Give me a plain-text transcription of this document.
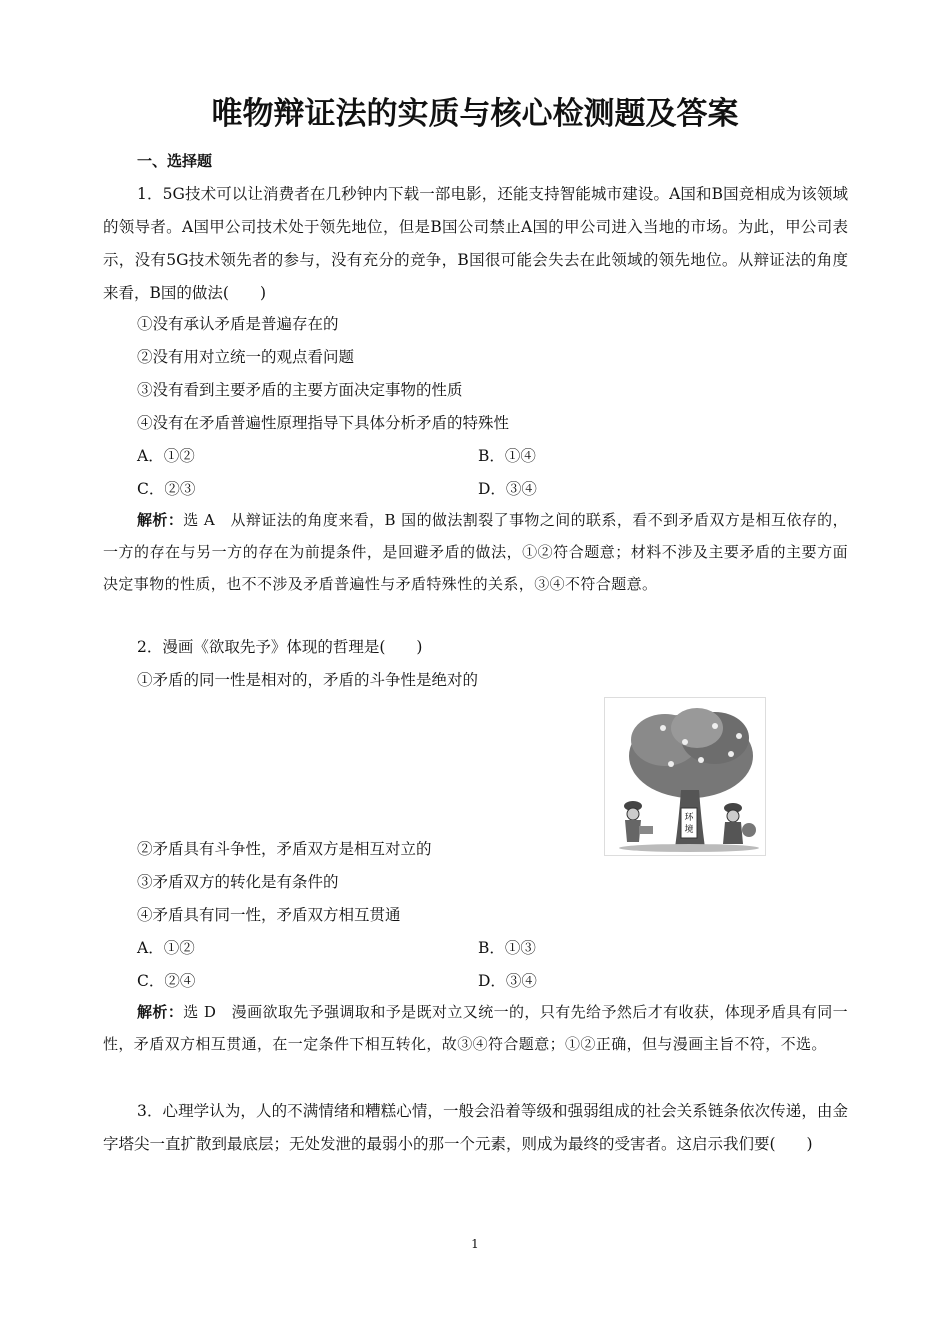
唯物辩证法的实质与核心检测题及答案
一、选择题
1．5G技术可以让消费者在几秒钟内下载一部电影，还能支持智能城市建设。A国和B国竞相成为该领域的领导者。A国甲公司技术处于领先地位，但是B国公司禁止A国的甲公司进入当地的市场。为此，甲公司表示，没有5G技术领先者的参与，没有充分的竞争，B国很可能会失去在此领域的领先地位。从辩证法的角度来看，B国的做法(　　)
①没有承认矛盾是普遍存在的
②没有用对立统一的观点看问题
③没有看到主要矛盾的主要方面决定事物的性质
④没有在矛盾普遍性原理指导下具体分析矛盾的特殊性
A．①②	B．①④
C．②③	D．③④
解析：选 A　从辩证法的角度来看，B 国的做法割裂了事物之间的联系，看不到矛盾双方是相互依存的，一方的存在与另一方的存在为前提条件，是回避矛盾的做法，①②符合题意；材料不涉及主要矛盾的主要方面决定事物的性质，也不不涉及矛盾普遍性与矛盾特殊性的关系，③④不符合题意。
2．漫画《欲取先予》体现的哲理是(　　)
①矛盾的同一性是相对的，矛盾的斗争性是绝对的
环
境
②矛盾具有斗争性，矛盾双方是相互对立的
③矛盾双方的转化是有条件的
④矛盾具有同一性，矛盾双方相互贯通
A．①②	B．①③
C．②④	D．③④
解析：选 D　漫画欲取先予强调取和予是既对立又统一的，只有先给予然后才有收获，体现矛盾具有同一性，矛盾双方相互贯通，在一定条件下相互转化，故③④符合题意；①②正确，但与漫画主旨不符，不选。
3．心理学认为，人的不满情绪和糟糕心情，一般会沿着等级和强弱组成的社会关系链条依次传递，由金字塔尖一直扩散到最底层；无处发泄的最弱小的那一个元素，则成为最终的受害者。这启示我们要(　　)
1
